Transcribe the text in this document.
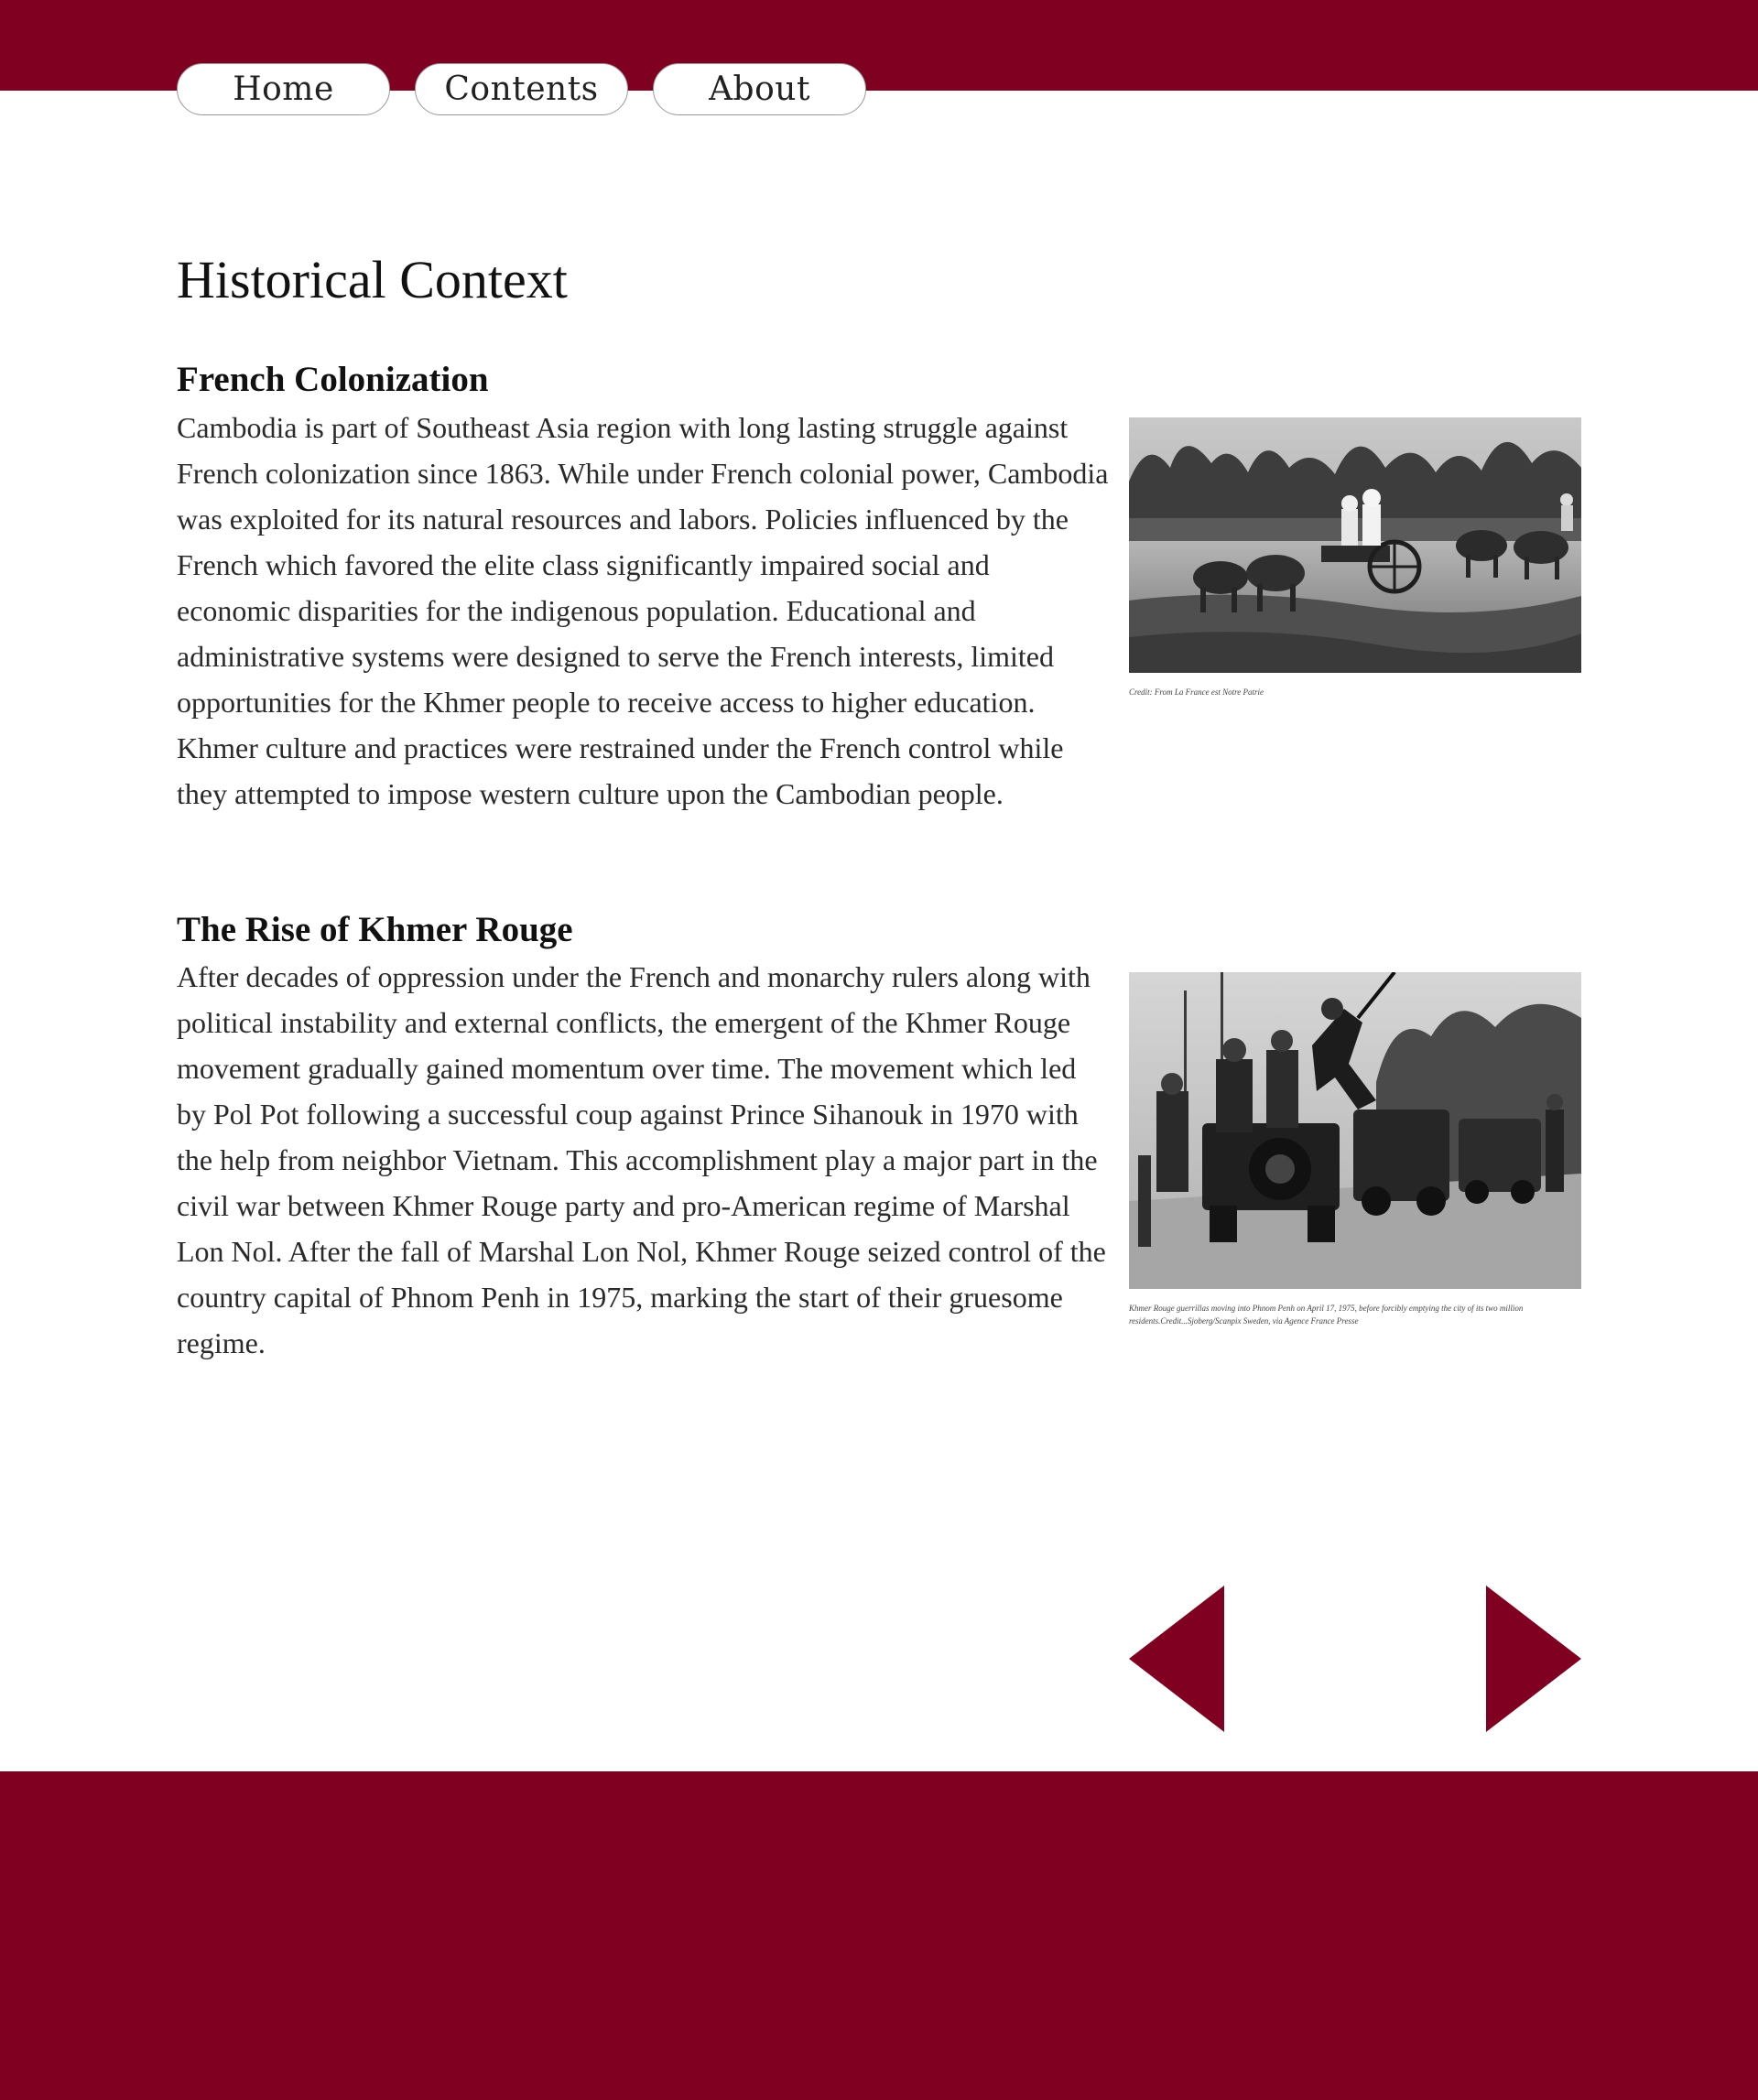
Home	Contents	About
Historical Context
French Colonization

Cambodia is part of Southeast Asia region with long lasting struggle against French colonization since 1863. While under French colonial power, Cambodia was exploited for its natural resources and labors. Policies influenced by the French which favored the elite class significantly impaired social and economic disparities for the indigenous population. Educational and administrative systems were designed to serve the French interests, limited opportunities for the Khmer people to receive access to higher education. Khmer culture and practices were restrained under the French control while they attempted to impose western culture upon the Cambodian people.

Credit: From La France est Notre Patrie

The Rise of Khmer Rouge

After decades of oppression under the French and monarchy rulers along with political instability and external conflicts, the emergent of the Khmer Rouge movement gradually gained momentum over time. The movement which led by Pol Pot following a successful coup against Prince Sihanouk in 1970 with the help from neighbor Vietnam. This accomplishment play a major part in the civil war between Khmer Rouge party and pro-American regime of Marshal Lon Nol. After the fall of Marshal Lon Nol, Khmer Rouge seized control of the country capital of Phnom Penh in 1975, marking the start of their gruesome regime.

Khmer Rouge guerrillas moving into Phnom Penh on April 17, 1975, before forcibly emptying the city of its two million residents.Credit...Sjoberg/Scanpix Sweden, via Agence France Presse
